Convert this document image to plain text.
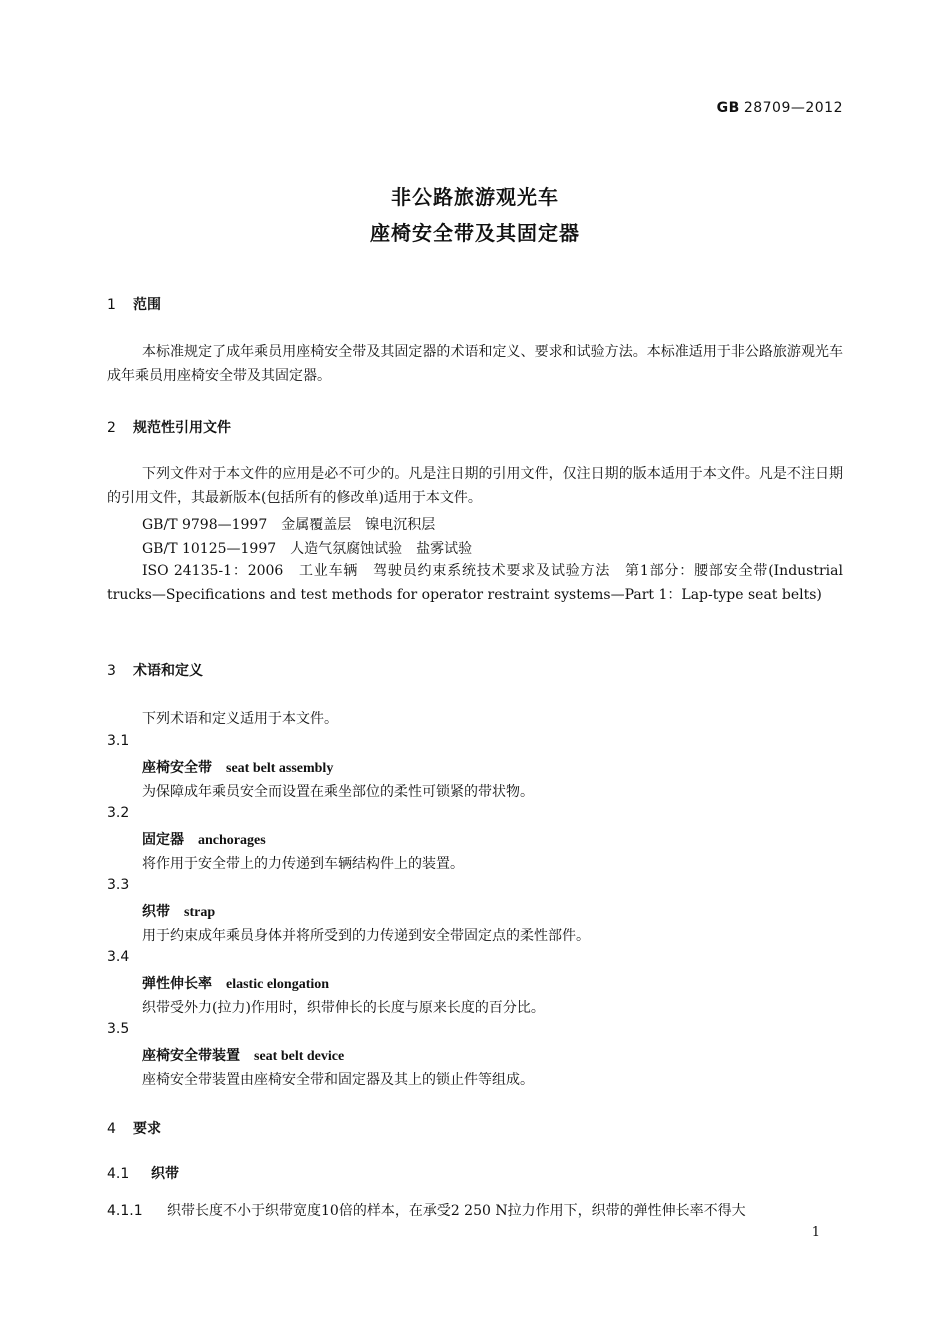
GB 28709—2012
非公路旅游观光车
座椅安全带及其固定器
1 范围
本标准规定了成年乘员用座椅安全带及其固定器的术语和定义、要求和试验方法。本标准适用于非公路旅游观光车成年乘员用座椅安全带及其固定器。
2 规范性引用文件
下列文件对于本文件的应用是必不可少的。凡是注日期的引用文件，仅注日期的版本适用于本文件。凡是不注日期的引用文件，其最新版本(包括所有的修改单)适用于本文件。
GB/T 9798—1997　金属覆盖层　镍电沉积层
GB/T 10125—1997　人造气氛腐蚀试验　盐雾试验
ISO 24135-1：2006　工业车辆　驾驶员约束系统技术要求及试验方法　第1部分：腰部安全带(Industrial trucks—Specifications and test methods for operator restraint systems—Part 1：Lap-type seat belts)
3 术语和定义
下列术语和定义适用于本文件。
3.1
座椅安全带 seat belt assembly
为保障成年乘员安全而设置在乘坐部位的柔性可锁紧的带状物。
3.2
固定器 anchorages
将作用于安全带上的力传递到车辆结构件上的装置。
3.3
织带 strap
用于约束成年乘员身体并将所受到的力传递到安全带固定点的柔性部件。
3.4
弹性伸长率 elastic elongation
织带受外力(拉力)作用时，织带伸长的长度与原来长度的百分比。
3.5
座椅安全带装置 seat belt device
座椅安全带装置由座椅安全带和固定器及其上的锁止件等组成。
4 要求
4.1 织带
4.1.1 织带长度不小于织带宽度10倍的样本，在承受2 250 N拉力作用下，织带的弹性伸长率不得大
1
